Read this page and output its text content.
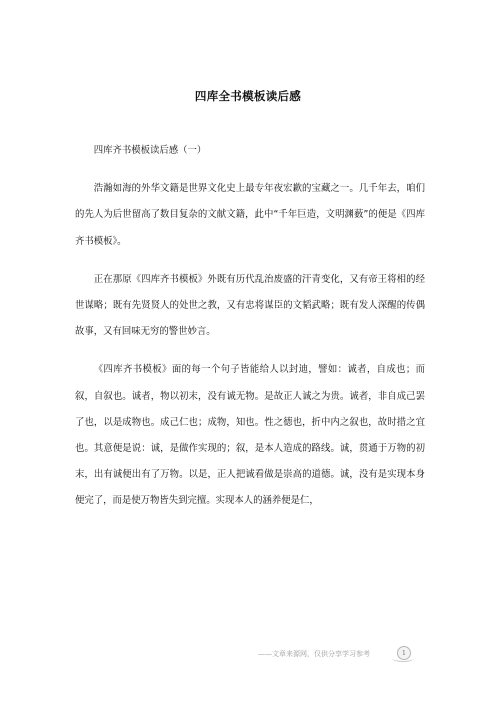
四库全书模板读后感

四库齐书模板读后感（一）

浩瀚如海的外华文籍是世界文化史上最专年夜宏歉的宝藏之一。几千年去，咱们的先人为后世留高了数目复杂的文献文籍，此中“千年巨造，文明渊薮”的便是《四库齐书模板》。

正在那原《四库齐书模板》外既有历代乱治废盛的汗青变化，又有帝王将相的经世谋略；既有先贤贤人的处世之教，又有忠将谋臣的文韬武略；既有发人深醒的传偶故事，又有回味无穷的警世妙言。

《四库齐书模板》面的每一个句子皆能给人以封迪，譬如：诚者，自成也；而叙，自叙也。诚者，物以初末，没有诚无物。是故正人诚之为贵。诚者，非自成己罢了也，以是成物也。成己仁也；成物，知也。性之德也，折中内之叙也，故时措之宜也。其意便是说：诚，是做作实现的；叙，是本人造成的路线。诚，贯通于万物的初末，出有诚便出有了万物。以是，正人把诚看做是崇高的道德。诚，没有是实现本身便完了，而是使万物皆失到完擅。实现本人的涵养便是仁，

——文章来源网，仅供分享学习参考	1
